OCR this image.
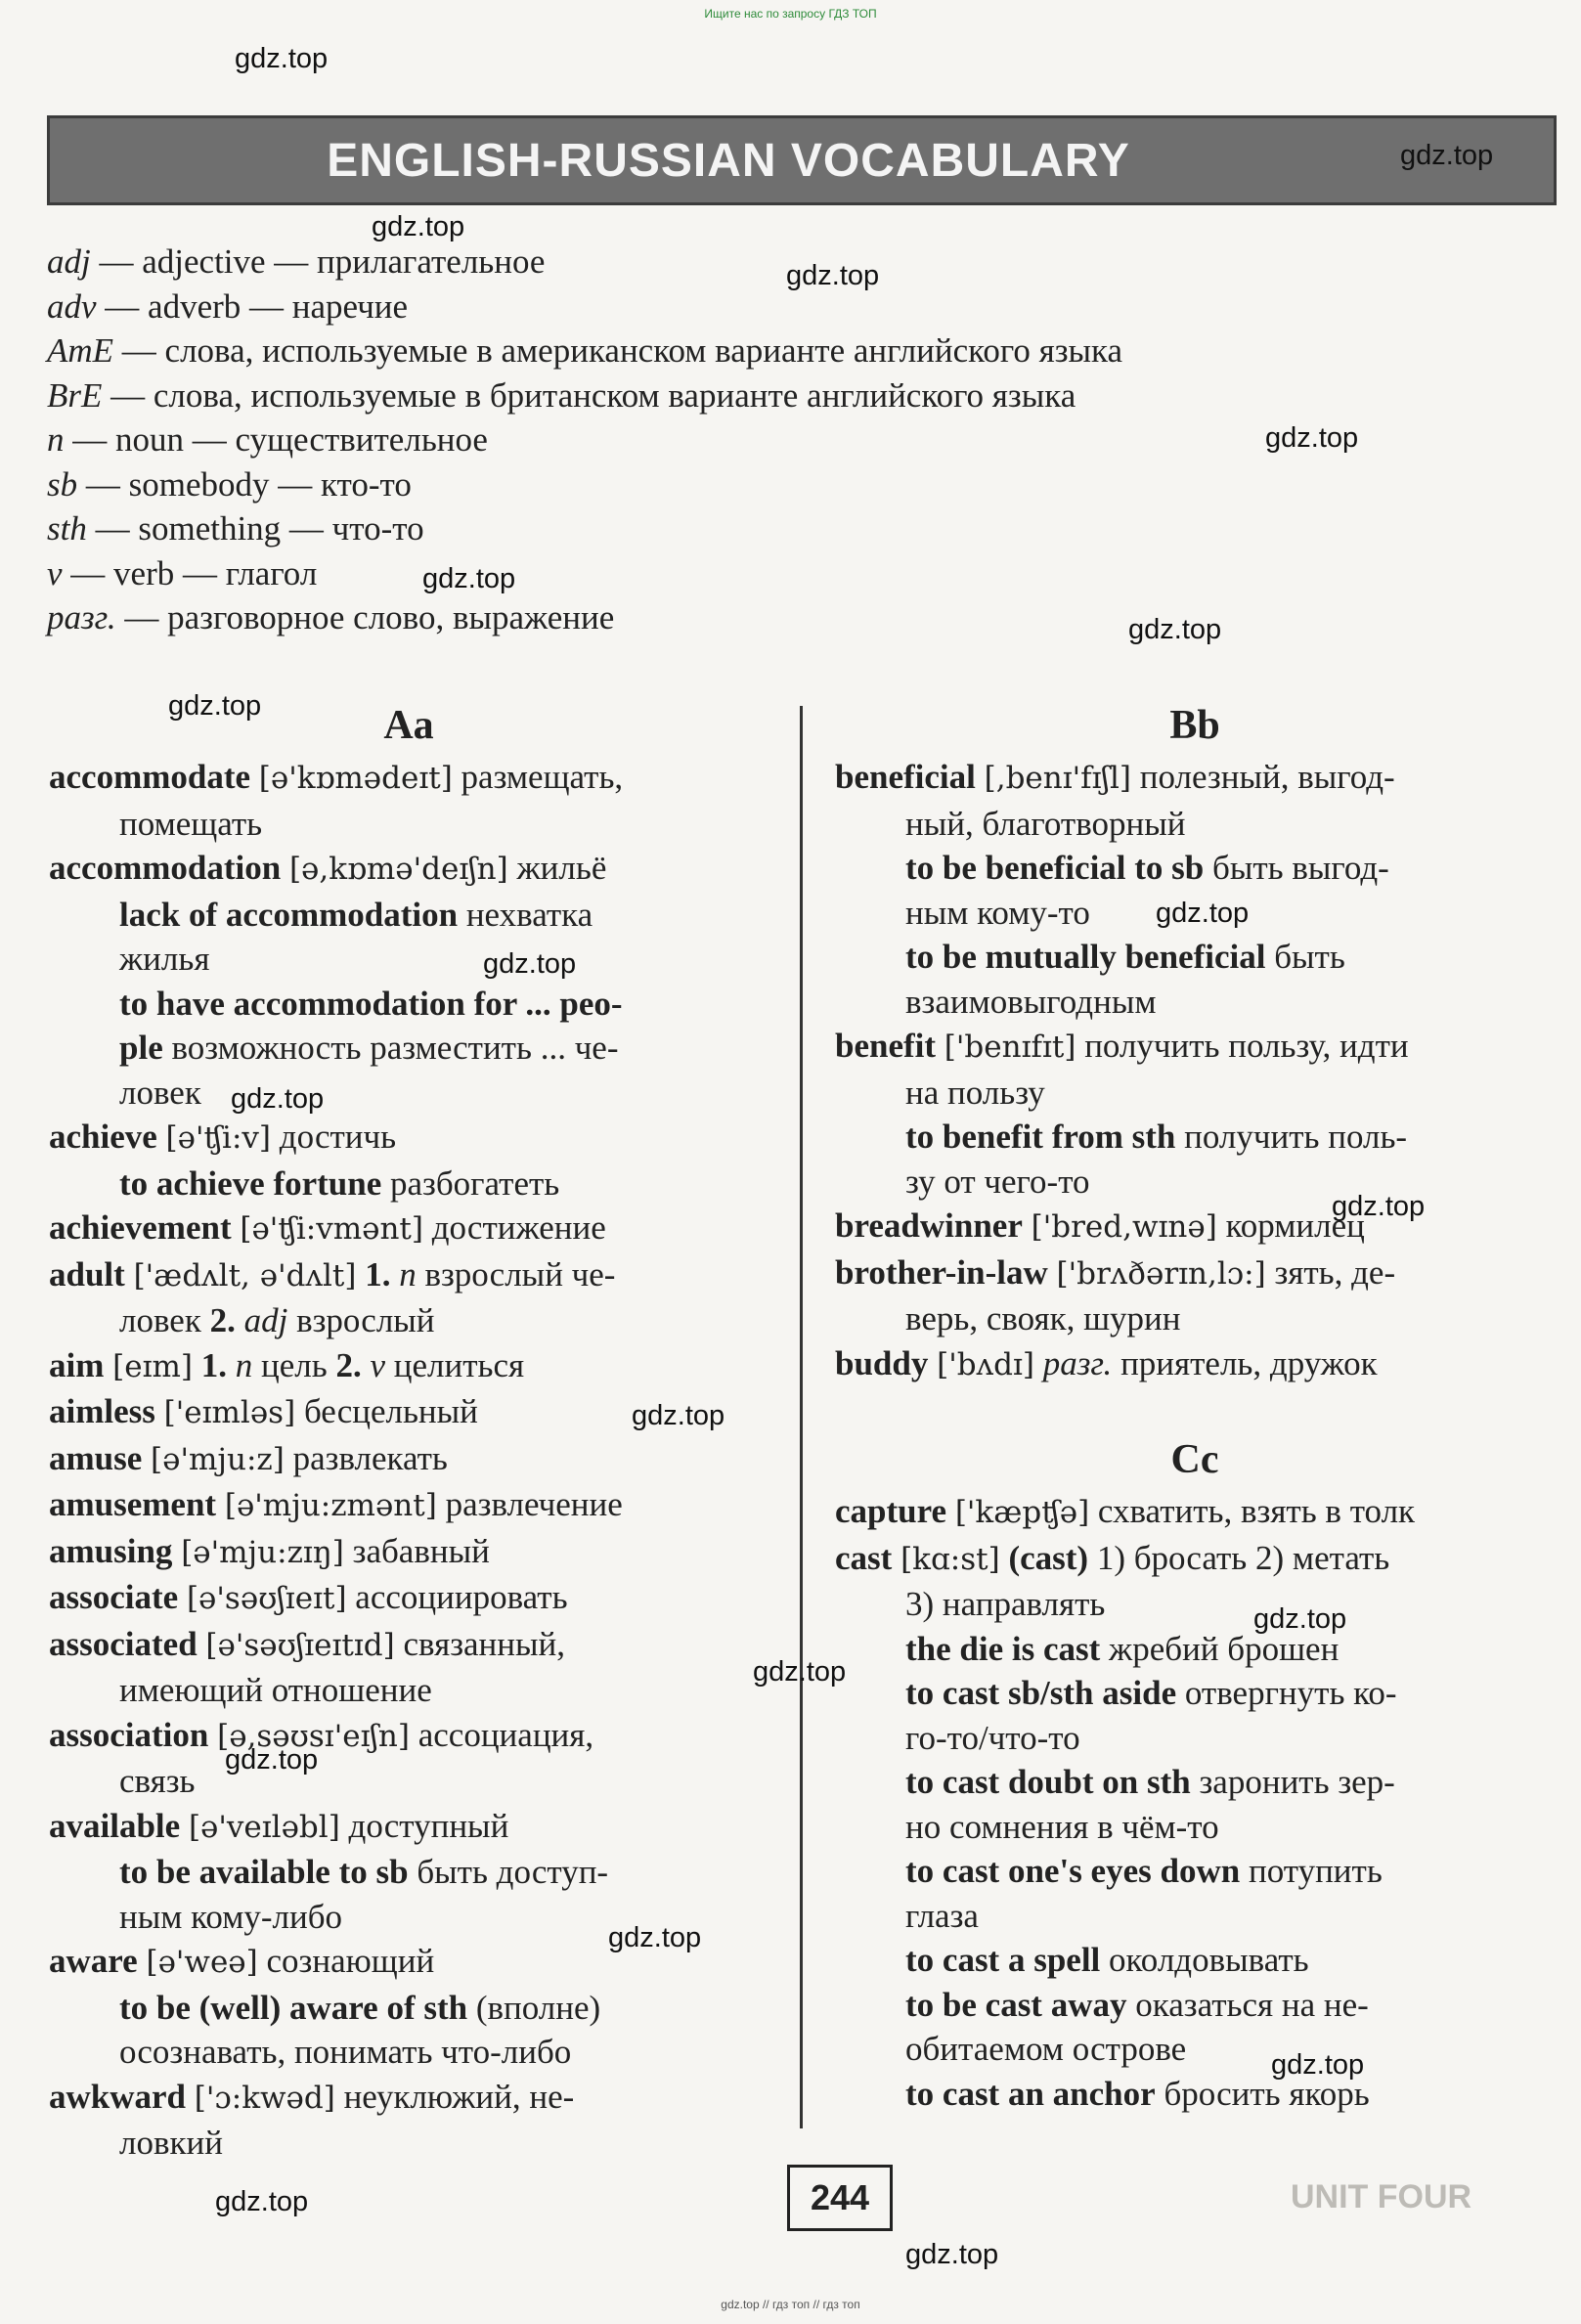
Ищите нас по запросу ГДЗ ТОП
ENGLISH-RUSSIAN VOCABULARY
adj — adjective — прилагательное
adv — adverb — наречие
AmE — слова, используемые в американском варианте английского языка
BrE — слова, используемые в британском варианте английского языка
n — noun — существительное
sb — somebody — кто-то
sth — something — что-то
v — verb — глагол
разг. — разговорное слово, выражение
Aa
accommodate [ə'kɒmədeɪt] размещать,
помещать
accommodation [ə,kɒmə'deɪʃn] жильё
lack of accommodation нехватка
жилья
to have accommodation for ... peo-
ple возможность разместить ... че-
ловек
achieve [ə'ʧi:v] достичь
to achieve fortune разбогатеть
achievement [ə'ʧi:vmənt] достижение
adult ['ædʌlt, ə'dʌlt] 1. n взрослый че-
ловек 2. adj взрослый
aim [eɪm] 1. n цель 2. v целиться
aimless ['eɪmləs] бесцельный
amuse [ə'mju:z] развлекать
amusement [ə'mju:zmənt] развлечение
amusing [ə'mju:zɪŋ] забавный
associate [ə'səʊʃɪeɪt] ассоциировать
associated [ə'səʊʃɪeɪtɪd] связанный,
имеющий отношение
association [ə,səʊsɪ'eɪʃn] ассоциация,
связь
available [ə'veɪləbl] доступный
to be available to sb быть доступ-
ным кому-либо
aware [ə'weə] сознающий
to be (well) aware of sth (вполне)
осознавать, понимать что-либо
awkward ['ɔ:kwəd] неуклюжий, не-
ловкий
Bb
beneficial [,benɪ'fɪʃl] полезный, выгод-
ный, благотворный
to be beneficial to sb быть выгод-
ным кому-то
to be mutually beneficial быть
взаимовыгодным
benefit ['benɪfɪt] получить пользу, идти
на пользу
to benefit from sth получить поль-
зу от чего-то
breadwinner ['bred,wɪnə] кормилец
brother-in-law ['brʌðərɪn,lɔ:] зять, де-
верь, свояк, шурин
buddy ['bʌdɪ] разг. приятель, дружок
Cc
capture ['kæpʧə] схватить, взять в толк
cast [kɑ:st] (cast) 1) бросать 2) метать
3) направлять
the die is cast жребий брошен
to cast sb/sth aside отвергнуть ко-
го-то/что-то
to cast doubt on sth заронить зер-
но сомнения в чём-то
to cast one's eyes down потупить
глаза
to cast a spell околдовывать
to be cast away оказаться на не-
обитаемом острове
to cast an anchor бросить якорь
UNIT FOUR
244
gdz.top // гдз топ // гдз топ
gdz.top
gdz.top
gdz.top
gdz.top
gdz.top
gdz.top
gdz.top
gdz.top
gdz.top
gdz.top
gdz.top
gdz.top
gdz.top
gdz.top
gdz.top
gdz.top
gdz.top
gdz.top
gdz.top
gdz.top
